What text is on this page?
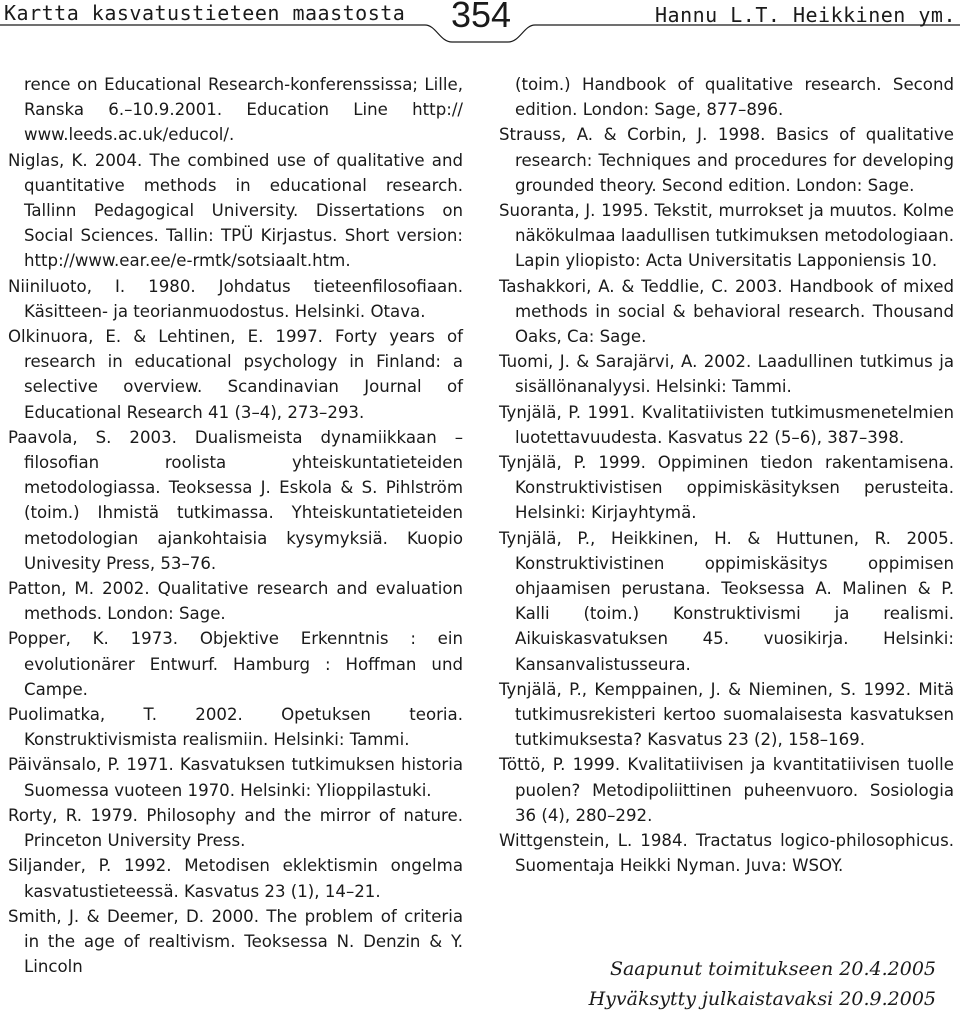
Kartta kasvatustieteen maastosta 354	Hannu L.T. Heikkinen ym.

rence on Educational Research-konferenssissa; Lille, Ranska 6.–10.9.2001. Education Line http:// www.leeds.ac.uk/educol/.

Niglas, K. 2004. The combined use of qualitative and quantitative methods in educational research. Tallinn Pedagogical University. Dissertations on Social Sciences. Tallin: TPÜ Kirjastus. Short version: http://www.ear.ee/e-rmtk/sotsiaalt.htm.

Niiniluoto, I. 1980. Johdatus tieteenfilosofiaan. Käsitteen- ja teorianmuodostus. Helsinki. Otava.

Olkinuora, E. & Lehtinen, E. 1997. Forty years of research in educational psychology in Finland: a selective overview. Scandinavian Journal of Educational Research 41 (3–4), 273–293.

Paavola, S. 2003. Dualismeista dynamiikkaan – filosofian roolista yhteiskuntatieteiden metodologiassa. Teoksessa J. Eskola & S. Pihlström (toim.) Ihmistä tutkimassa. Yhteiskuntatieteiden metodologian ajankohtaisia kysymyksiä. Kuopio Univesity Press, 53–76.

Patton, M. 2002. Qualitative research and evaluation methods. London: Sage.

Popper, K. 1973. Objektive Erkenntnis : ein evolutionärer Entwurf. Hamburg : Hoffman und Campe.

Puolimatka, T. 2002. Opetuksen teoria. Konstruktivismista realismiin. Helsinki: Tammi.

Päivänsalo, P. 1971. Kasvatuksen tutkimuksen historia Suomessa vuoteen 1970. Helsinki: Ylioppilastuki.

Rorty, R. 1979. Philosophy and the mirror of nature. Princeton University Press.

Siljander, P. 1992. Metodisen eklektismin ongelma kasvatustieteessä. Kasvatus 23 (1), 14–21.

Smith, J. & Deemer, D. 2000. The problem of criteria in the age of realtivism. Teoksessa N. Denzin & Y. Lincoln

(toim.) Handbook of qualitative research. Second edition. London: Sage, 877–896.

Strauss, A. & Corbin, J. 1998. Basics of qualitative research: Techniques and procedures for developing grounded theory. Second edition. London: Sage.

Suoranta, J. 1995. Tekstit, murrokset ja muutos. Kolme näkökulmaa laadullisen tutkimuksen metodologiaan. Lapin yliopisto: Acta Universitatis Lapponiensis 10.

Tashakkori, A. & Teddlie, C. 2003. Handbook of mixed methods in social & behavioral research. Thousand Oaks, Ca: Sage.

Tuomi, J. & Sarajärvi, A. 2002. Laadullinen tutkimus ja sisällönanalyysi. Helsinki: Tammi.

Tynjälä, P. 1991. Kvalitatiivisten tutkimusmenetelmien luotettavuudesta. Kasvatus 22 (5–6), 387–398.

Tynjälä, P. 1999. Oppiminen tiedon rakentamisena. Konstruktivistisen oppimiskäsityksen perusteita. Helsinki: Kirjayhtymä.

Tynjälä, P., Heikkinen, H. & Huttunen, R. 2005. Konstruktivistinen oppimiskäsitys oppimisen ohjaamisen perustana. Teoksessa A. Malinen & P. Kalli (toim.) Konstruktivismi ja realismi. Aikuiskasvatuksen 45. vuosikirja. Helsinki: Kansanvalistusseura.

Tynjälä, P., Kemppainen, J. & Nieminen, S. 1992. Mitä tutkimusrekisteri kertoo suomalaisesta kasvatuksen tutkimuksesta? Kasvatus 23 (2), 158–169.

Töttö, P. 1999. Kvalitatiivisen ja kvantitatiivisen tuolle puolen? Metodipoliittinen puheenvuoro. Sosiologia 36 (4), 280–292.

Wittgenstein, L. 1984. Tractatus logico-philosophicus. Suomentaja Heikki Nyman. Juva: WSOY.

Saapunut toimitukseen 20.4.2005
Hyväksytty julkaistavaksi 20.9.2005
